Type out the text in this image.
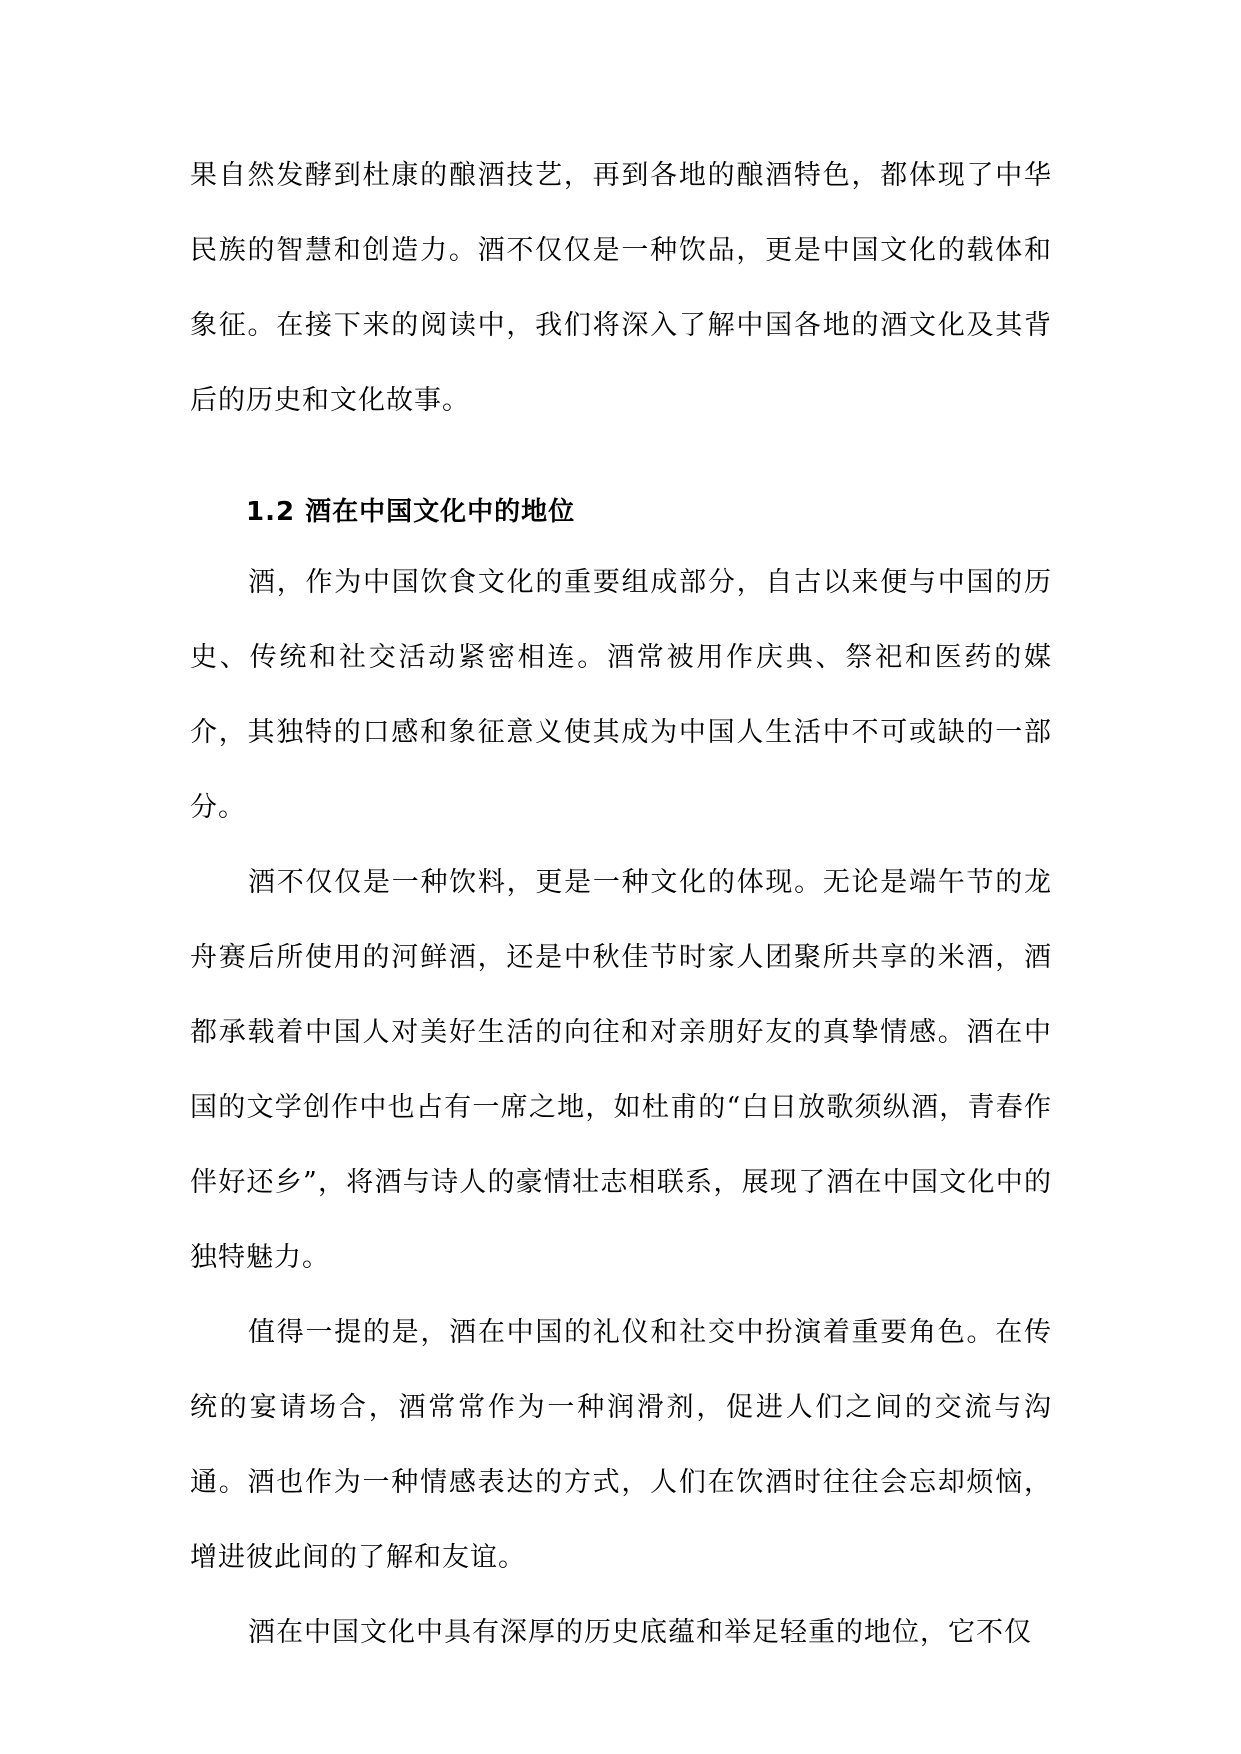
果自然发酵到杜康的酿酒技艺，再到各地的酿酒特色，都体现了中华民族的智慧和创造力。酒不仅仅是一种饮品，更是中国文化的载体和象征。在接下来的阅读中，我们将深入了解中国各地的酒文化及其背后的历史和文化故事。

1.2 酒在中国文化中的地位

酒，作为中国饮食文化的重要组成部分，自古以来便与中国的历史、传统和社交活动紧密相连。酒常被用作庆典、祭祀和医药的媒介，其独特的口感和象征意义使其成为中国人生活中不可或缺的一部分。

酒不仅仅是一种饮料，更是一种文化的体现。无论是端午节的龙舟赛后所使用的河鲜酒，还是中秋佳节时家人团聚所共享的米酒，酒都承载着中国人对美好生活的向往和对亲朋好友的真挚情感。酒在中国的文学创作中也占有一席之地，如杜甫的“白日放歌须纵酒，青春作伴好还乡”，将酒与诗人的豪情壮志相联系，展现了酒在中国文化中的独特魅力。

值得一提的是，酒在中国的礼仪和社交中扮演着重要角色。在传统的宴请场合，酒常常作为一种润滑剂，促进人们之间的交流与沟通。酒也作为一种情感表达的方式，人们在饮酒时往往会忘却烦恼，增进彼此间的了解和友谊。

酒在中国文化中具有深厚的历史底蕴和举足轻重的地位，它不仅
